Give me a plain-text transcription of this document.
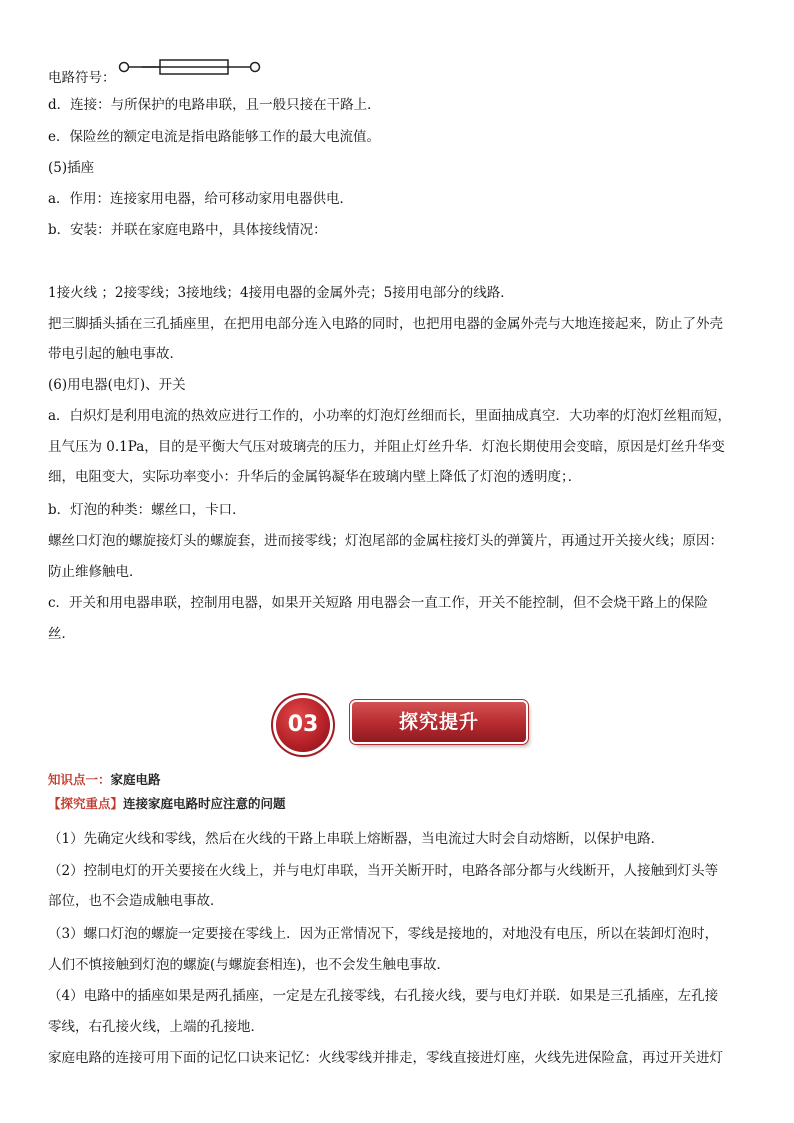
电路符号：
d．连接：与所保护的电路串联，且一般只接在干路上．
e．保险丝的额定电流是指电路能够工作的最大电流值。
(5)插座
a．作用：连接家用电器，给可移动家用电器供电．
b．安装：并联在家庭电路中，具体接线情况：
1接火线 ；2接零线；3接地线；4接用电器的金属外壳；5接用电部分的线路．
把三脚插头插在三孔插座里，在把用电部分连入电路的同时，也把用电器的金属外壳与大地连接起来，防止了外壳
带电引起的触电事故．
(6)用电器(电灯)、开关
a．白炽灯是利用电流的热效应进行工作的，小功率的灯泡灯丝细而长，里面抽成真空．大功率的灯泡灯丝粗而短，
且气压为 0.1Pa，目的是平衡大气压对玻璃壳的压力，并阻止灯丝升华．灯泡长期使用会变暗，原因是灯丝升华变
细，电阻变大，实际功率变小：升华后的金属钨凝华在玻璃内壁上降低了灯泡的透明度；．
b．灯泡的种类：螺丝口，卡口．
螺丝口灯泡的螺旋接灯头的螺旋套，进而接零线；灯泡尾部的金属柱接灯头的弹簧片，再通过开关接火线；原因：
防止维修触电．
c．开关和用电器串联，控制用电器，如果开关短路 用电器会一直工作，开关不能控制，但不会烧干路上的保险
丝．
03	探究提升
知识点一：家庭电路
【探究重点】连接家庭电路时应注意的问题
（1）先确定火线和零线，然后在火线的干路上串联上熔断器，当电流过大时会自动熔断，以保护电路．
（2）控制电灯的开关要接在火线上，并与电灯串联，当开关断开时，电路各部分都与火线断开，人接触到灯头等
部位，也不会造成触电事故．
（3）螺口灯泡的螺旋一定要接在零线上．因为正常情况下，零线是接地的，对地没有电压，所以在装卸灯泡时，
人们不慎接触到灯泡的螺旋(与螺旋套相连)，也不会发生触电事故．
（4）电路中的插座如果是两孔插座，一定是左孔接零线，右孔接火线，要与电灯并联．如果是三孔插座，左孔接
零线，右孔接火线，上端的孔接地．
家庭电路的连接可用下面的记忆口诀来记忆：火线零线并排走，零线直接进灯座，火线先进保险盒，再过开关进灯
